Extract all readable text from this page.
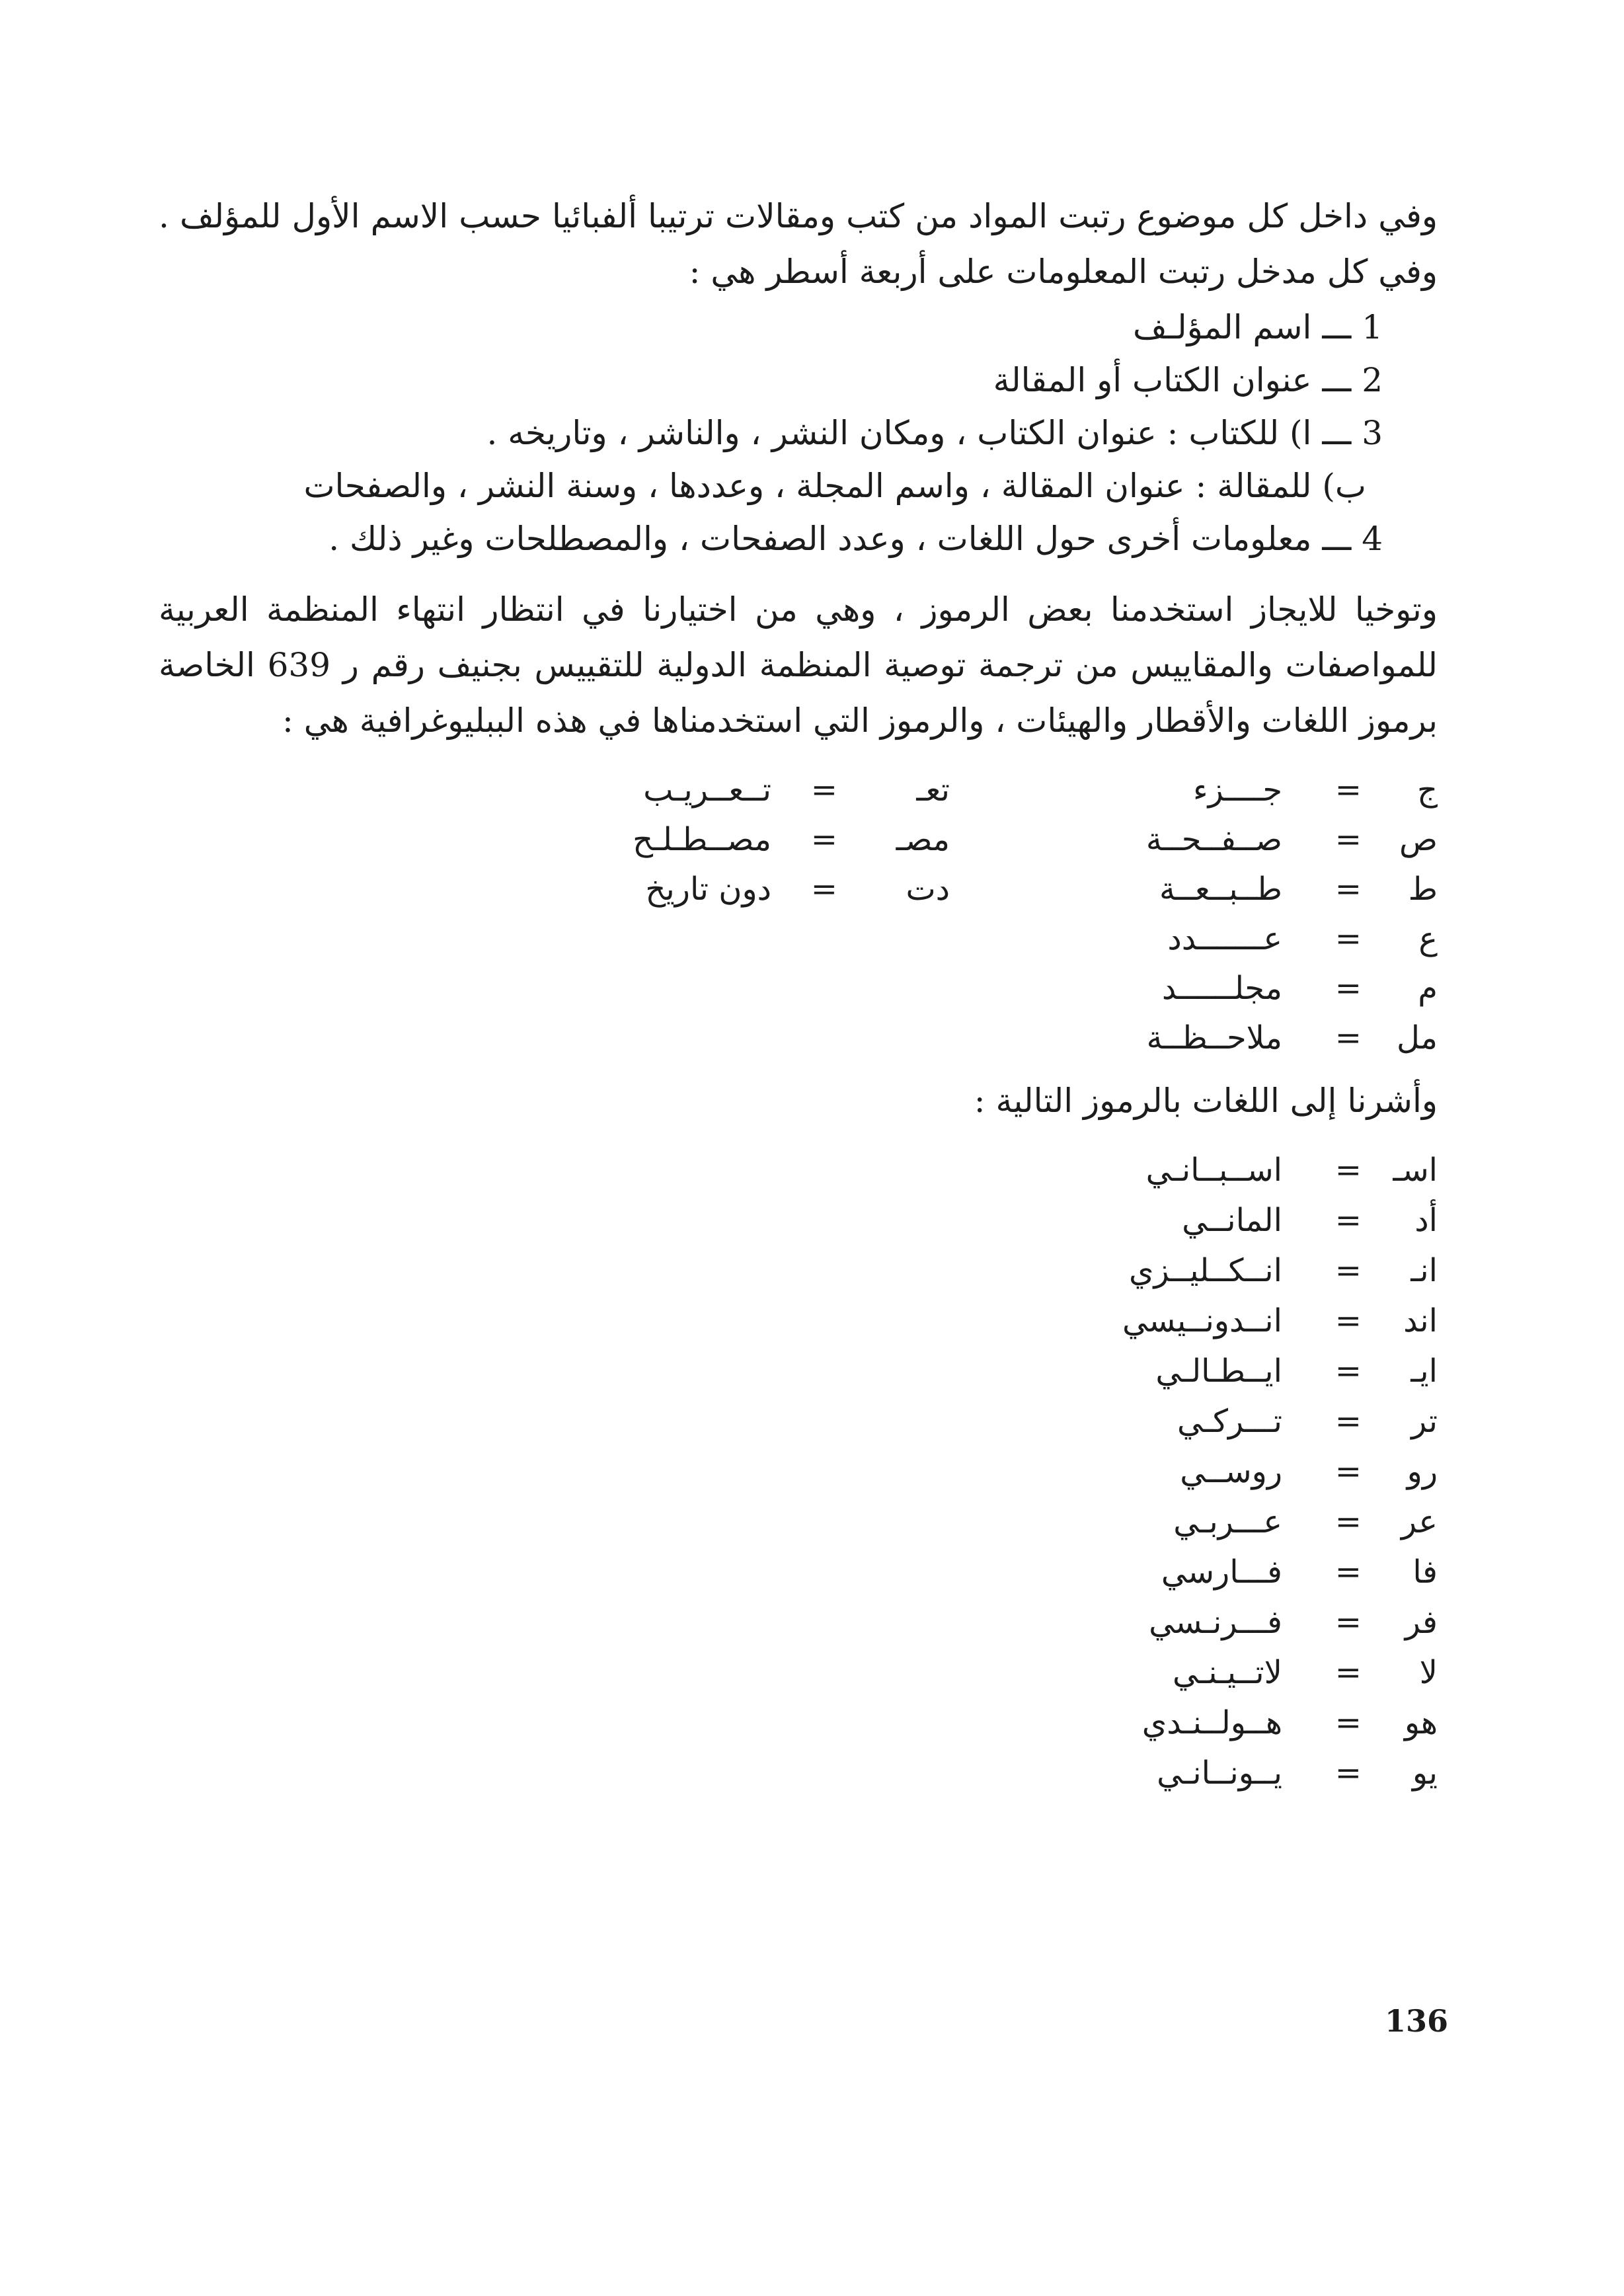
وفي داخل كل موضوع رتبت المواد من كتب ومقالات ترتيبا ألفبائيا حسب الاسم الأول للمؤلف . وفي كل مدخل رتبت المعلومات على أربعة أسطر هي :

1 ـــ اسم المؤلـف
2 ـــ عنوان الكتاب أو المقالة
3 ـــ ا) للكتاب : عنوان الكتاب ، ومكان النشر ، والناشر ، وتاريخه .
ب) للمقالة : عنوان المقالة ، واسم المجلة ، وعددها ، وسنة النشر ، والصفحات
4 ـــ معلومات أخرى حول اللغات ، وعدد الصفحات ، والمصطلحات وغير ذلك .

وتوخيا للايجاز استخدمنا بعض الرموز ، وهي من اختيارنا في انتظار انتهاء المنظمة العربية للمواصفات والمقاييس من ترجمة توصية المنظمة الدولية للتقييس بجنيف رقم ر 639 الخاصة برموز اللغات والأقطار والهيئات ، والرموز التي استخدمناها في هذه الببليوغرافية هي :

ج
=
جــــزء
ص
=
صــفــحــة
ط
=
طــبــعــة
ع
=
عـــــــدد
م
=
مجلــــــد
مل
=
ملاحــظــة
تعـ
=
تــعــريـب
مصـ
=
مصــطـلـح
دت
=
دون تاريخ
وأشرنا إلى اللغات بالرموز التالية :
اسـ
=
اســبــانـي
أد
=
المانــي
انـ
=
انــكــليــزي
اند
=
انــدونــيسي
ايـ
=
ايــطـالـي
تر
=
تـــركـي
رو
=
روســي
عر
=
عـــربـي
فا
=
فـــارسي
فر
=
فـــرنـسي
لا
=
لاتــيـنـي
هو
=
هــولــنـدي
يو
=
يــونــانـي
136
